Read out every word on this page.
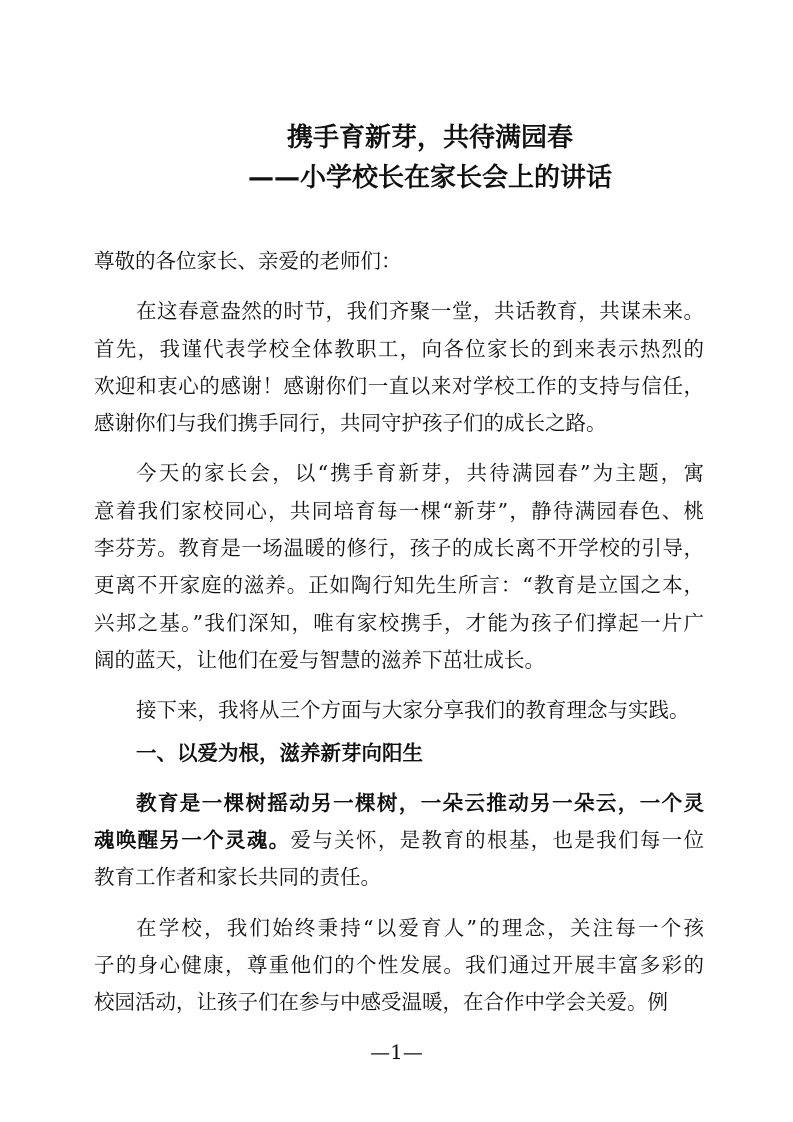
携手育新芽，共待满园春
——小学校长在家长会上的讲话
尊敬的各位家长、亲爱的老师们：
在这春意盎然的时节，我们齐聚一堂，共话教育，共谋未来。
首先，我谨代表学校全体教职工，向各位家长的到来表示热烈的
欢迎和衷心的感谢！感谢你们一直以来对学校工作的支持与信任，
感谢你们与我们携手同行，共同守护孩子们的成长之路。
今天的家长会，以“携手育新芽，共待满园春”为主题，寓
意着我们家校同心，共同培育每一棵“新芽”，静待满园春色、桃
李芬芳。教育是一场温暖的修行，孩子的成长离不开学校的引导，
更离不开家庭的滋养。正如陶行知先生所言：“教育是立国之本，
兴邦之基。”我们深知，唯有家校携手，才能为孩子们撑起一片广
阔的蓝天，让他们在爱与智慧的滋养下茁壮成长。
接下来，我将从三个方面与大家分享我们的教育理念与实践。
一、以爱为根，滋养新芽向阳生
教育是一棵树摇动另一棵树，一朵云推动另一朵云，一个灵
魂唤醒另一个灵魂。爱与关怀，是教育的根基，也是我们每一位
教育工作者和家长共同的责任。
在学校，我们始终秉持“以爱育人”的理念，关注每一个孩
子的身心健康，尊重他们的个性发展。我们通过开展丰富多彩的
校园活动，让孩子们在参与中感受温暖，在合作中学会关爱。例
—1—
